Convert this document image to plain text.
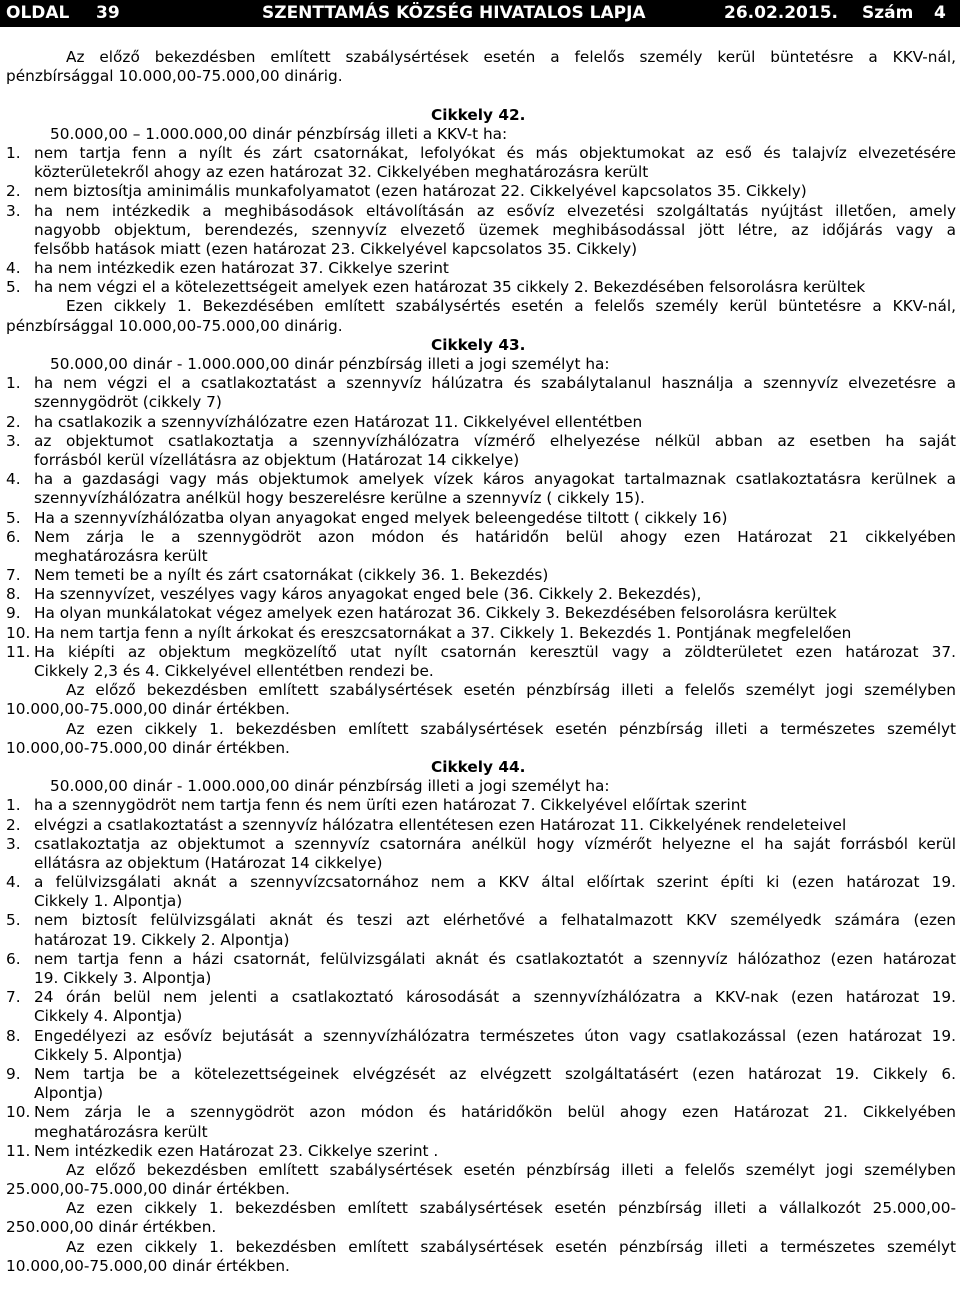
OLDAL 39	SZENTTAMÁS KÖZSÉG HIVATALOS LAPJA	26.02.2015. Szám 4
Az előző bekezdésben említett szabálysértések esetén a felelős személy kerül büntetésre a KKV-nál,
pénzbírsággal 10.000,00-75.000,00 dinárig.
Cikkely 42.
50.000,00 – 1.000.000,00 dinár pénzbírság illeti a KKV-t ha:
1. nem tartja fenn a nyílt és zárt csatornákat, lefolyókat és más objektumokat az eső és talajvíz elvezetésére
közterületekről ahogy az ezen határozat 32. Cikkelyében meghatározásra került
2. nem biztosítja aminimális munkafolyamatot (ezen határozat 22. Cikkelyével kapcsolatos 35. Cikkely)
3. ha nem intézkedik a meghibásodások eltávolításán az esővíz elvezetési szolgáltatás nyújtást illetően, amely
nagyobb objektum, berendezés, szennyvíz elvezető üzemek meghibásodással jött létre, az időjárás vagy a
felsőbb hatások miatt (ezen határozat 23. Cikkelyével kapcsolatos 35. Cikkely)
4. ha nem intézkedik ezen határozat 37. Cikkelye szerint
5. ha nem végzi el a kötelezettségeit amelyek ezen határozat 35 cikkely 2. Bekezdésében felsorolásra kerültek
Ezen cikkely 1. Bekezdésében említett szabálysértés esetén a felelős személy kerül büntetésre a KKV-nál,
pénzbírsággal 10.000,00-75.000,00 dinárig.
Cikkely 43.
50.000,00 dinár - 1.000.000,00 dinár pénzbírság illeti a jogi személyt ha:
1. ha nem végzi el a csatlakoztatást a szennyvíz hálúzatra és szabálytalanul használja a szennyvíz elvezetésre a
szennygödröt (cikkely 7)
2. ha csatlakozik a szennyvízhálózatre ezen Határozat 11. Cikkelyével ellentétben
3. az objektumot csatlakoztatja a szennyvízhálózatra vízmérő elhelyezése nélkül abban az esetben ha saját
forrásból kerül vízellátásra az objektum (Határozat 14 cikkelye)
4. ha a gazdasági vagy más objektumok amelyek vízek káros anyagokat tartalmaznak csatlakoztatásra kerülnek a
szennyvízhálózatra anélkül hogy beszerelésre kerülne a szennyvíz ( cikkely 15).
5. Ha a szennyvízhálózatba olyan anyagokat enged melyek beleengedése tiltott ( cikkely 16)
6. Nem zárja le a szennygödröt azon módon és határidőn belül ahogy ezen Határozat 21 cikkelyében
meghatározásra került
7. Nem temeti be a nyílt és zárt csatornákat (cikkely 36. 1. Bekezdés)
8. Ha szennyvízet, veszélyes vagy káros anyagokat enged bele (36. Cikkely 2. Bekezdés),
9. Ha olyan munkálatokat végez amelyek ezen határozat 36. Cikkely 3. Bekezdésében felsorolásra kerültek
10. Ha nem tartja fenn a nyílt árkokat és ereszcsatornákat a 37. Cikkely 1. Bekezdés 1. Pontjának megfelelően
11. Ha kiépíti az objektum megközelítő utat nyílt csatornán keresztül vagy a zöldterületet ezen határozat 37.
Cikkely 2,3 és 4. Cikkelyével ellentétben rendezi be.
Az előző bekezdésben említett szabálysértések esetén pénzbírság illeti a felelős személyt jogi személyben
10.000,00-75.000,00 dinár értékben.
Az ezen cikkely 1. bekezdésben említett szabálysértések esetén pénzbírság illeti a természetes személyt
10.000,00-75.000,00 dinár értékben.
Cikkely 44.
50.000,00 dinár - 1.000.000,00 dinár pénzbírság illeti a jogi személyt ha:
1. ha a szennygödröt nem tartja fenn és nem üríti ezen határozat 7. Cikkelyével előírtak szerint
2. elvégzi a csatlakoztatást a szennyvíz hálózatra ellentétesen ezen Határozat 11. Cikkelyének rendeleteivel
3. csatlakoztatja az objektumot a szennyvíz csatornára anélkül hogy vízmérőt helyezne el ha saját forrásból kerül
ellátásra az objektum (Határozat 14 cikkelye)
4. a felülvizsgálati aknát a szennyvízcsatornához nem a KKV által előírtak szerint építi ki (ezen határozat 19.
Cikkely 1. Alpontja)
5. nem biztosít felülvizsgálati aknát és teszi azt elérhetővé a felhatalmazott KKV személyedk számára (ezen
határozat 19. Cikkely 2. Alpontja)
6. nem tartja fenn a házi csatornát, felülvizsgálati aknát és csatlakoztatót a szennyvíz hálózathoz (ezen határozat
19. Cikkely 3. Alpontja)
7. 24 órán belül nem jelenti a csatlakoztató károsodását a szennyvízhálózatra a KKV-nak (ezen határozat 19.
Cikkely 4. Alpontja)
8. Engedélyezi az esővíz bejutását a szennyvízhálózatra természetes úton vagy csatlakozással (ezen határozat 19.
Cikkely 5. Alpontja)
9. Nem tartja be a kötelezettségeinek elvégzését az elvégzett szolgáltatásért (ezen határozat 19. Cikkely 6.
Alpontja)
10. Nem zárja le a szennygödröt azon módon és határidőkön belül ahogy ezen Határozat 21. Cikkelyében
meghatározásra került
11. Nem intézkedik ezen Határozat 23. Cikkelye szerint .
Az előző bekezdésben említett szabálysértések esetén pénzbírság illeti a felelős személyt jogi személyben
25.000,00-75.000,00 dinár értékben.
Az ezen cikkely 1. bekezdésben említett szabálysértések esetén pénzbírság illeti a vállalkozót 25.000,00-
250.000,00 dinár értékben.
Az ezen cikkely 1. bekezdésben említett szabálysértések esetén pénzbírság illeti a természetes személyt
10.000,00-75.000,00 dinár értékben.
